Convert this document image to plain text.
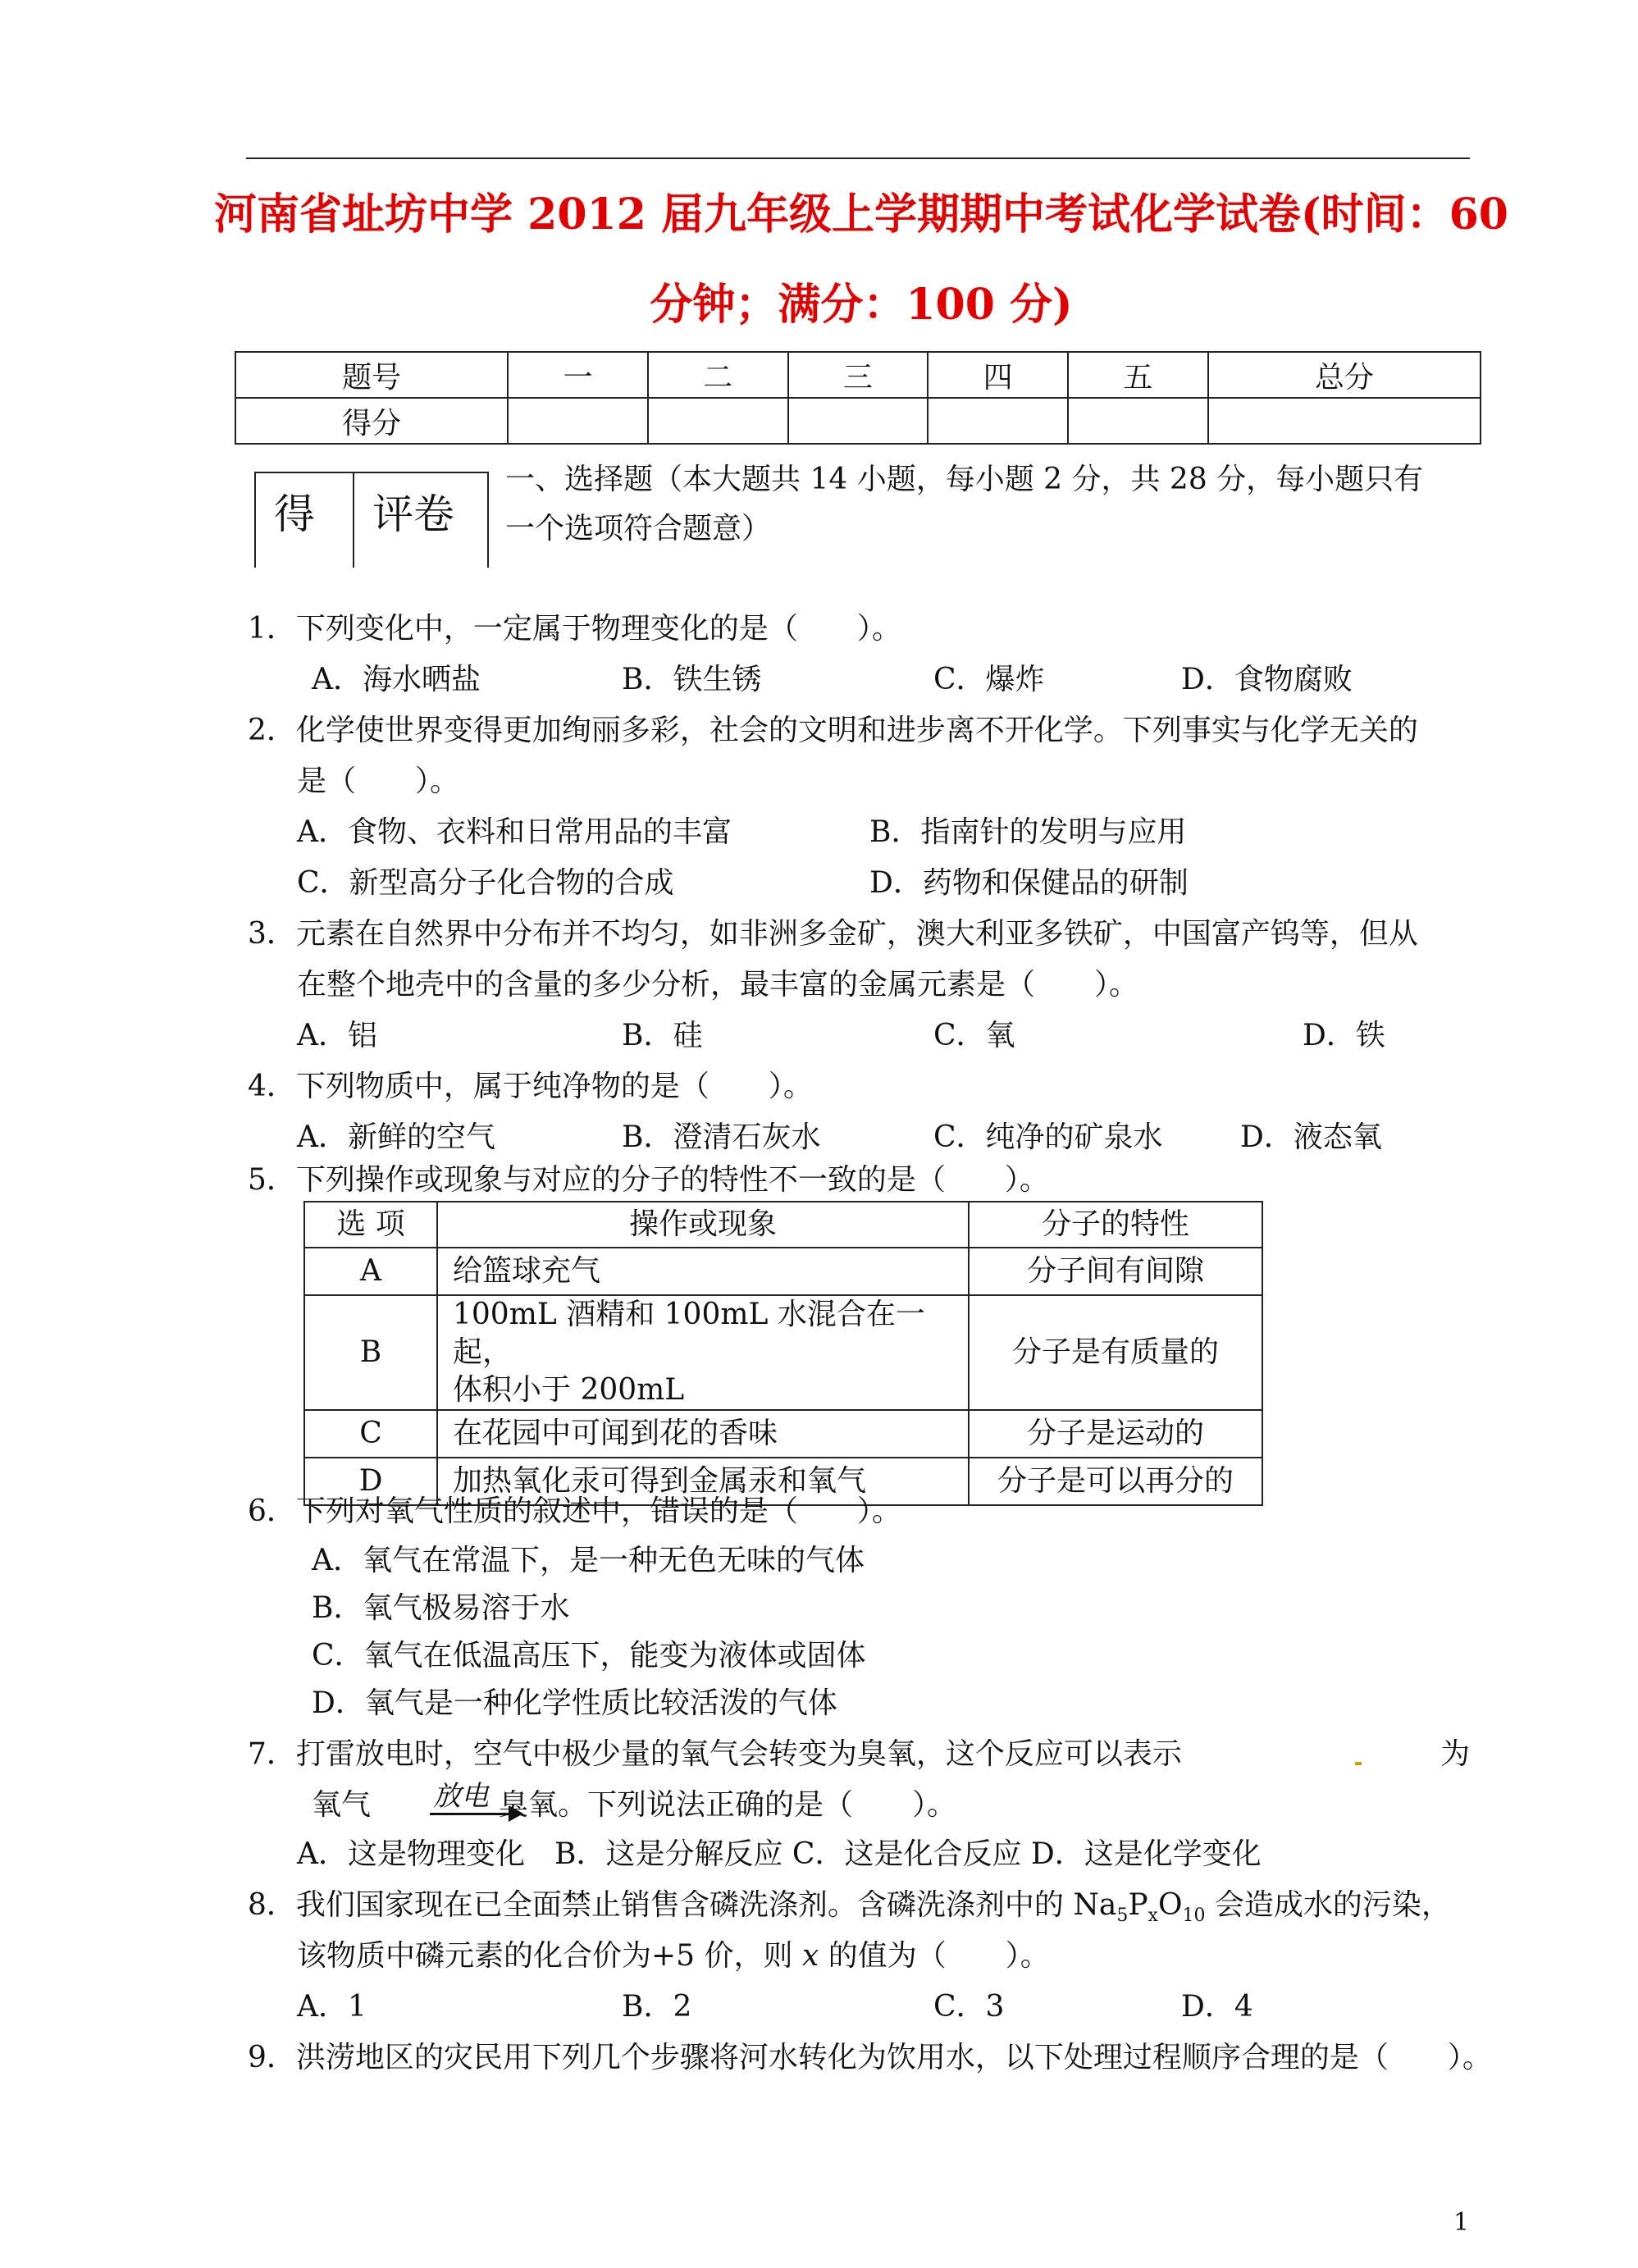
河南省址坊中学 2012 届九年级上学期期中考试化学试卷(时间：60
分钟；满分：100 分)
题号	一	二	三	四	五	总分
得分						
得 评卷
一、选择题（本大题共 14 小题，每小题 2 分，共 28 分，每小题只有
一个选项符合题意）
1．下列变化中，一定属于物理变化的是（　　）。
A．海水晒盐	B．铁生锈	C．爆炸	D．食物腐败
2．化学使世界变得更加绚丽多彩，社会的文明和进步离不开化学。下列事实与化学无关的
是（　　）。
A．食物、衣料和日常用品的丰富	B．指南针的发明与应用
C．新型高分子化合物的合成	D．药物和保健品的研制
3．元素在自然界中分布并不均匀，如非洲多金矿，澳大利亚多铁矿，中国富产钨等，但从
在整个地壳中的含量的多少分析，最丰富的金属元素是（　　）。
A．铝	B．硅	C．氧	D．铁
4．下列物质中，属于纯净物的是（　　）。
A．新鲜的空气	B．澄清石灰水	C．纯净的矿泉水	D．液态氧
5．下列操作或现象与对应的分子的特性不一致的是（　　）。
选 项	操作或现象	分子的特性
A	给篮球充气	分子间有间隙
B	100mL 酒精和 100mL 水混合在一起，
体积小于 200mL	分子是有质量的
C	在花园中可闻到花的香味	分子是运动的
D	加热氧化汞可得到金属汞和氧气	分子是可以再分的
6．下列对氧气性质的叙述中，错误的是（　　）。
A．氧气在常温下，是一种无色无味的气体
B．氧气极易溶于水
C．氧气在低温高压下，能变为液体或固体
D．氧气是一种化学性质比较活泼的气体
7．打雷放电时，空气中极少量的氧气会转变为臭氧，这个反应可以表示	为
氧气 放电 臭氧。下列说法正确的是（　　）。
A．这是物理变化　B．这是分解反应 C．这是化合反应 D．这是化学变化
8．我们国家现在已全面禁止销售含磷洗涤剂。含磷洗涤剂中的 $Na_5P_xO_{10}$ 会造成水的污染，
该物质中磷元素的化合价为+5 价，则 x 的值为（　　）。
A．1	B．2	C．3	D．4
9．洪涝地区的灾民用下列几个步骤将河水转化为饮用水，以下处理过程顺序合理的是（　　）。
1
